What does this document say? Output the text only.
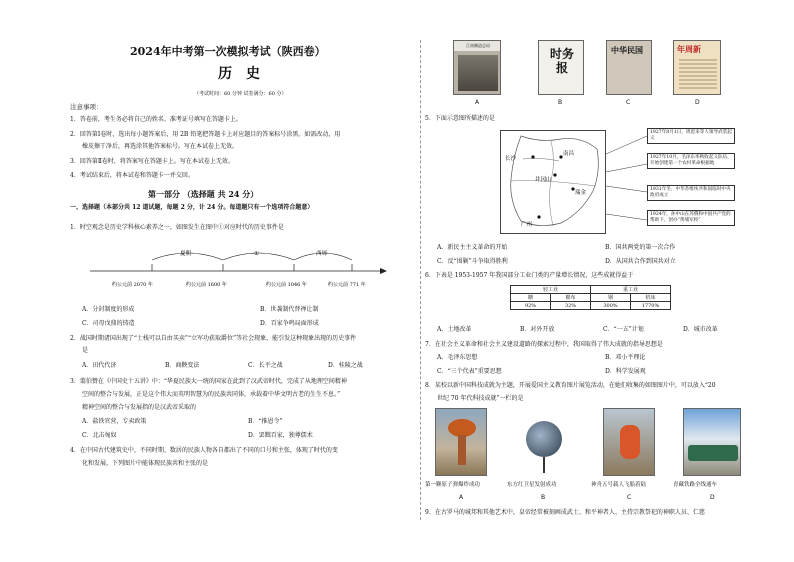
2024年中考第一次模拟考试（陕西卷）
历史
（考试时间：60 分钟 试卷满分：60 分）
注意事项：
1．答卷前，考生务必将自己的姓名、准考证号填写在答题卡上。
2．回答第Ⅰ卷时，选出每小题答案后，用 2B 铅笔把答题卡上对应题目的答案标号涂黑。如需改动，用
橡皮擦干净后，再选涂其他答案标号。写在本试卷上无效。
3．回答第Ⅱ卷时，将答案写在答题卡上。写在本试卷上无效。
4．考试结束后，将本试卷和答题卡一并交回。
第一部分 （选择题 共 24 分）
一、选择题（本部分共 12 道试题，每题 2 分，计 24 分。每道题只有一个选项符合题意）
1．时空观念是历史学科核心素养之一，如图发生在图中①对应时代的历史事件是
夏朝	①	西周
约公元前 2070 年	约公元前 1600 年	约公元前 1046 年	约公元前 771 年
A．分封制度的形成	B．世袭制代替禅让制
C．司母戊鼎的铸造	D．百家争鸣局面形成
2．战国时期诸国出现了“士栈可以自由买卖”“立军功获取爵位”等社会现象，能引发这种现象出现的历史事件
是
A．田代代济	B．商鞅变法	C．长平之战	D．桂陵之战
3．翦伯赞在《中国史十五讲》中：“华夏民族大一统的国家在此到了汉武帝时代，完成了从地理空间精神
空间的整合与发展，正是这个伟大而英明智慧为的民族共同体，承载着中华文明古老的生生不息。”
精神空间的整合与发展指的是汉武帝采取的
A．盐铁官营，专卖政策	B．“推恩令”
C．北击匈奴	D．罢黜百家，独尊儒术
4．在中国古代建筑史中，不同时期、数居的民族人物各自都出了不同的口号和主张，体现了时代的变
化和发展，下列图片中能体现民族共和主张的是
江南制造总局
时务报
中华民国	年周新
A	B	C	D
5．下面示意图所描述的是
长沙
南昌
井冈山
瑞金
广州
1927年8月1日，周恩来等人领导武装起义
1927年10月，毛泽东率秋收起义队伍，开始创建第一个农村革命根据地
1931年冬，中华苏维埃共和国临时中央政府成立
1924年，孙中山在苏俄和中国共产党的帮助下，创办“黄埔军校”
A．新民主主义革命的开始	B．国共两党的第一次合作
C．反“围剿”斗争取得胜利	D．从国共合作到国共对立
6．下表是 1953-1957 年我国部分工业门类的产量增长情况，这些成就得益于
轻工业		重工业	
糖	棉布	钢	机床
92%	32%	300%	1770%
A．土地改革	B．对外开放	C．“一五”计划	D．城市改革
7．在社会主义革命和社会主义建设道路的探索过程中，我国取得了伟大成就的指导思想是
A．毛泽东思想	B．邓小平理论
C．“三个代表”重要思想	D．科学发展观
8．某校以新中国科技成就为主题，开展爱国主义教育图片展览活动，在她们收集的如图图片中，可以放入“20
世纪 70 年代科技成就”一栏的是
第一颗原子弹爆炸成功	东方红卫星发射成功	神舟五号载人飞船着陆	青藏铁路全线通车
A	B	C	D
9．在古罗马的城邦和其他艺术中，皇帝经常被刻画成武士、和平神者人、主持宗教祭祀的神职人员、仁慈
